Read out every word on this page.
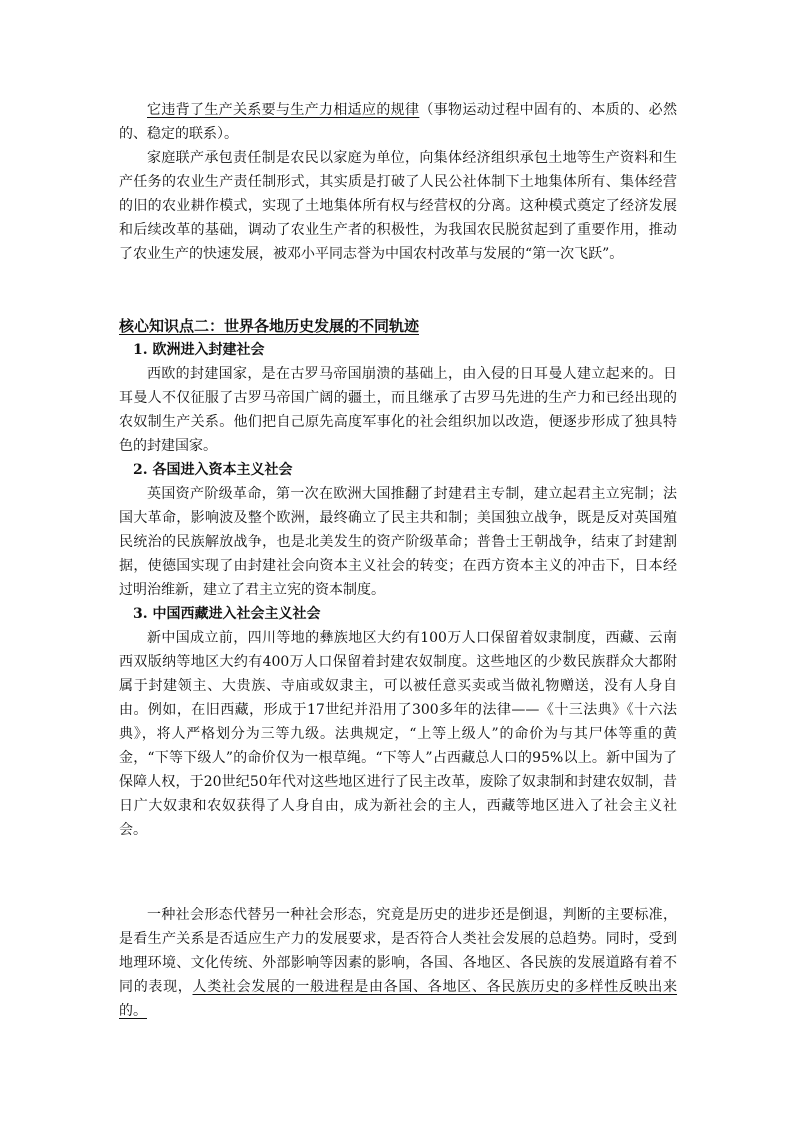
它违背了生产关系要与生产力相适应的规律（事物运动过程中固有的、本质的、必然的、稳定的联系）。

家庭联产承包责任制是农民以家庭为单位，向集体经济组织承包土地等生产资料和生产任务的农业生产责任制形式，其实质是打破了人民公社体制下土地集体所有、集体经营的旧的农业耕作模式，实现了土地集体所有权与经营权的分离。这种模式奠定了经济发展和后续改革的基础，调动了农业生产者的积极性，为我国农民脱贫起到了重要作用，推动了农业生产的快速发展，被邓小平同志誉为中国农村改革与发展的“第一次飞跃”。

核心知识点二：世界各地历史发展的不同轨迹
1. 欧洲进入封建社会

西欧的封建国家，是在古罗马帝国崩溃的基础上，由入侵的日耳曼人建立起来的。日耳曼人不仅征服了古罗马帝国广阔的疆土，而且继承了古罗马先进的生产力和已经出现的农奴制生产关系。他们把自己原先高度军事化的社会组织加以改造，便逐步形成了独具特色的封建国家。

2. 各国进入资本主义社会

英国资产阶级革命，第一次在欧洲大国推翻了封建君主专制，建立起君主立宪制；法国大革命，影响波及整个欧洲，最终确立了民主共和制；美国独立战争，既是反对英国殖民统治的民族解放战争，也是北美发生的资产阶级革命；普鲁士王朝战争，结束了封建割据，使德国实现了由封建社会向资本主义社会的转变；在西方资本主义的冲击下，日本经过明治维新，建立了君主立宪的资本制度。

3. 中国西藏进入社会主义社会

新中国成立前，四川等地的彝族地区大约有100万人口保留着奴隶制度，西藏、云南西双版纳等地区大约有400万人口保留着封建农奴制度。这些地区的少数民族群众大都附属于封建领主、大贵族、寺庙或奴隶主，可以被任意买卖或当做礼物赠送，没有人身自由。例如，在旧西藏，形成于17世纪并沿用了300多年的法律——《十三法典》《十六法典》，将人严格划分为三等九级。法典规定，“上等上级人”的命价为与其尸体等重的黄金，“下等下级人”的命价仅为一根草绳。“下等人”占西藏总人口的95%以上。新中国为了保障人权，于20世纪50年代对这些地区进行了民主改革，废除了奴隶制和封建农奴制，昔日广大奴隶和农奴获得了人身自由，成为新社会的主人，西藏等地区进入了社会主义社会。

一种社会形态代替另一种社会形态，究竟是历史的进步还是倒退，判断的主要标准，是看生产关系是否适应生产力的发展要求，是否符合人类社会发展的总趋势。同时，受到地理环境、文化传统、外部影响等因素的影响，各国、各地区、各民族的发展道路有着不同的表现，人类社会发展的一般进程是由各国、各地区、各民族历史的多样性反映出来的。
